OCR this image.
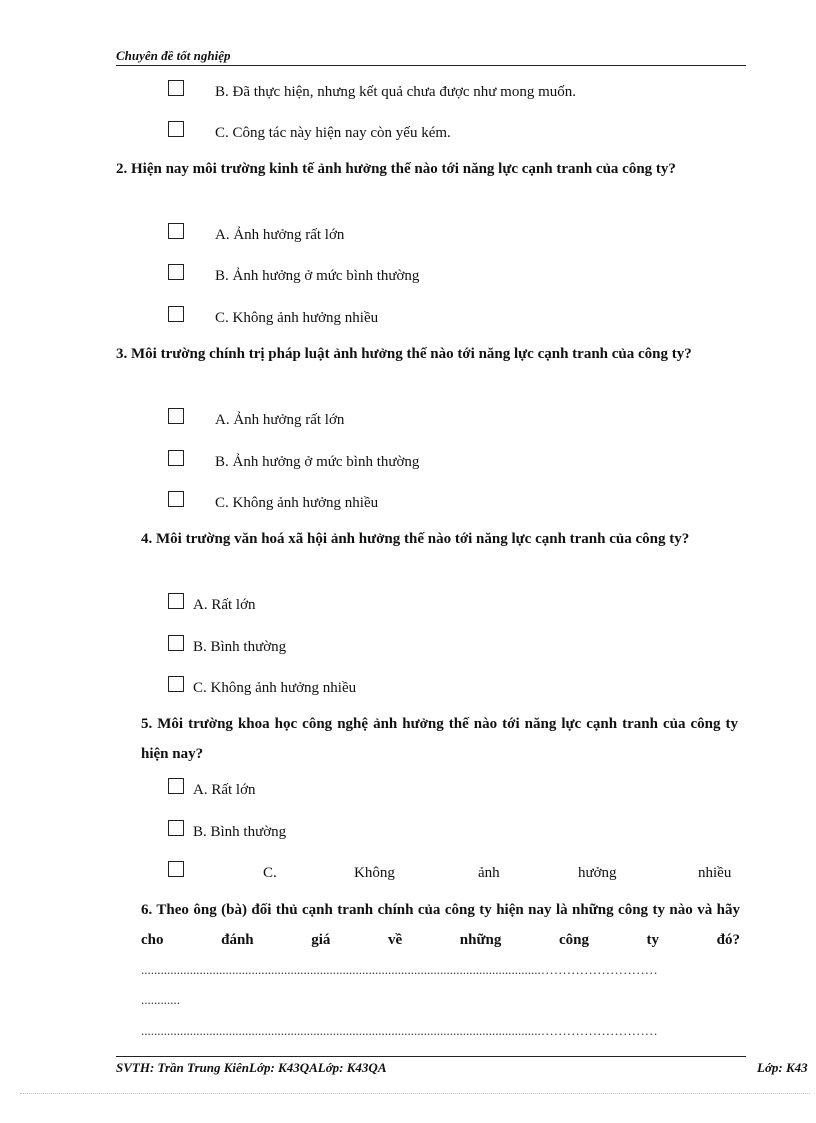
Chuyên đề tốt nghiệp
B. Đã thực hiện, nhưng kết quả chưa được như mong muốn.
C. Công tác này hiện nay còn yếu kém.
2. Hiện nay môi trường kinh tế ảnh hưởng thế nào tới năng lực cạnh tranh của công ty?
A. Ảnh hưởng rất lớn
B. Ảnh hưởng ở mức bình thường
C. Không ảnh hưởng nhiều
3. Môi trường chính trị pháp luật ảnh hưởng thế nào tới năng lực cạnh tranh của công ty?
A. Ảnh hưởng rất lớn
B. Ảnh hưởng ở mức bình thường
C. Không ảnh hưởng nhiều
4. Môi trường văn hoá xã hội ảnh hưởng thế nào tới năng lực cạnh tranh của công ty?
A. Rất lớn
B. Bình thường
C. Không ảnh hưởng nhiều
5. Môi trường khoa học công nghệ ảnh hưởng thế nào tới năng lực cạnh tranh của công ty hiện nay?
A. Rất lớn
B. Bình thường
C.	Không	ảnh	hưởng	nhiều
6. Theo ông (bà) đối thủ cạnh tranh chính của công ty hiện nay là những công ty nào và hãy cho đánh giá về những công ty đó?
...........................................................................................................................………………………
............
...........................................................................................................................………………………
SVTH: Trần Trung KiênLớp: K43QALớp: K43QA	Lớp: K43
